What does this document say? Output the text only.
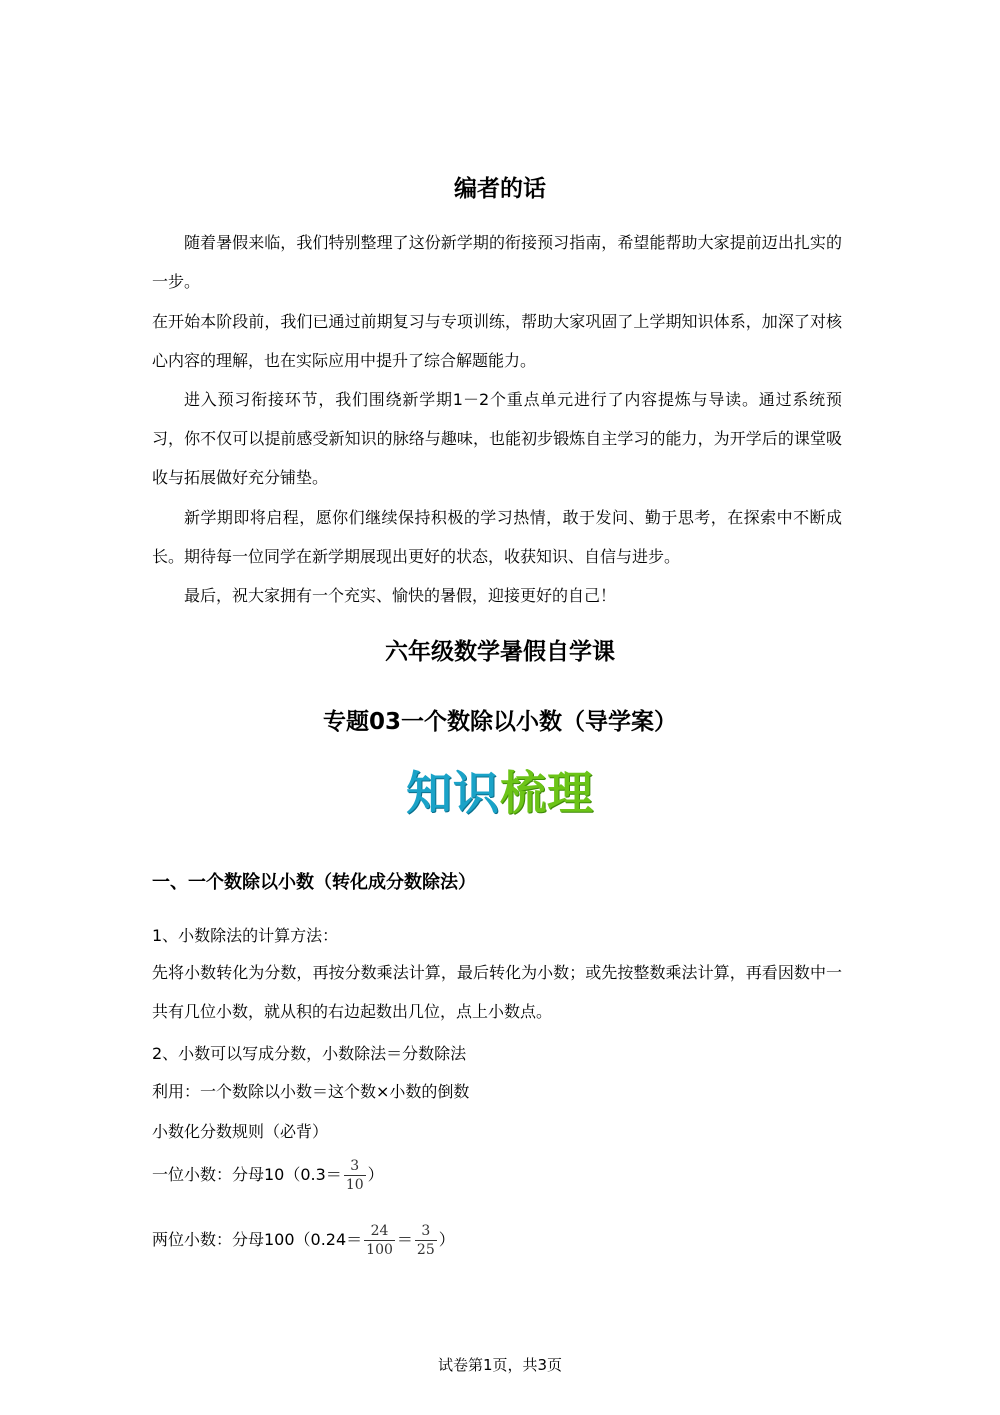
编者的话
随着暑假来临，我们特别整理了这份新学期的衔接预习指南，希望能帮助大家提前迈出扎实的一步。
在开始本阶段前，我们已通过前期复习与专项训练，帮助大家巩固了上学期知识体系，加深了对核心内容的理解，也在实际应用中提升了综合解题能力。
进入预习衔接环节，我们围绕新学期1－2个重点单元进行了内容提炼与导读。通过系统预习，你不仅可以提前感受新知识的脉络与趣味，也能初步锻炼自主学习的能力，为开学后的课堂吸收与拓展做好充分铺垫。
新学期即将启程，愿你们继续保持积极的学习热情，敢于发问、勤于思考，在探索中不断成长。期待每一位同学在新学期展现出更好的状态，收获知识、自信与进步。
最后，祝大家拥有一个充实、愉快的暑假，迎接更好的自己！
六年级数学暑假自学课
专题03一个数除以小数（导学案）
知识 梳理
一、一个数除以小数（转化成分数除法）
1、小数除法的计算方法：
先将小数转化为分数，再按分数乘法计算，最后转化为小数；或先按整数乘法计算，再看因数中一共有几位小数，就从积的右边起数出几位，点上小数点。
2、小数可以写成分数，小数除法＝分数除法
利用：一个数除以小数＝这个数×小数的倒数
小数化分数规则（必背）
一位小数：分母$10(0.3= \frac{3}{10}$ ）
两位小数：分母$100(0.24= \frac{24}{100} = \frac{3}{25}$ ）
试卷第1页，共3页
